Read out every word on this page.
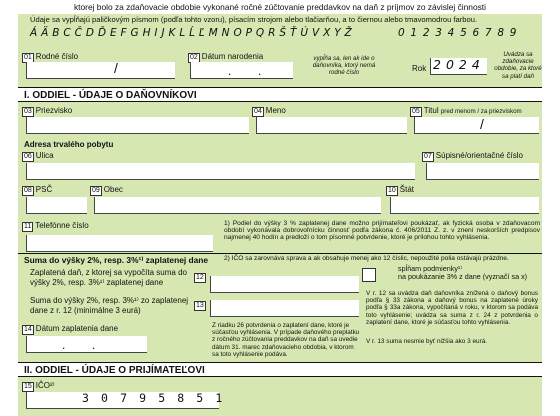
ktorej bolo za zdaňovacie obdobie vykonané ročné zúčtovanie preddavkov na daň z príjmov zo závislej činnosti
Údaje sa vypĺňajú paličkovým písmom (podľa tohto vzoru), písacím strojom alebo tlačiarňou, a to čiernou alebo tmavomodrou farbou.
Á Ä B C Č D Ď E F G H I J K L Ĺ Ľ M N O P Q R Š Ť Ú V X Y Ž	0 1 2 3 4 5 6 7 8 9
01 Rodné číslo
/
02 Dátum narodenia
. .
vypĺňa sa, len ak ide o daňovníka, ktorý nemá rodné číslo	Rok 2024
Uvádza sa zdaňovacie obdobie, za ktoré sa platí daň
I. ODDIEL - ÚDAJE O DAŇOVNÍKOVI
03 Priezvisko	04 Meno	05 Titul pred menom / za priezviskom
/
Adresa trvalého pobytu
06 Ulica	07 Súpisné/orientačné číslo
08 PSČ	09 Obec	10 Štát
11 Telefónne číslo	1) Podiel do výšky 3 % zaplatenej dane možno prijímateľovi poukázať, ak fyzická osoba v zdaňovacom období vykonávala dobrovoľnícku činnosť podľa zákona č. 406/2011 Z. z. v znení neskorších predpisov najmenej 40 hodín a predloží o tom písomné potvrdenie, ktoré je prílohou tohto vyhlásenia.
2) IČO sa zarovnáva sprava a ak obsahuje menej ako 12 číslic, nepoužité polia ostávajú prázdne.
Suma do výšky 2%, resp. 3%¹⁾ zaplatenej dane
Zaplatená daň, z ktorej sa vypočíta suma do výšky 2%, resp. 3%¹⁾ zaplatenej dane	12
spĺňam podmienky¹⁾
na poukázanie 3% z dane (vyznačí sa x)
Suma do výšky 2%, resp. 3%¹⁾ zo zaplatenej dane z r. 12 (minimálne 3 eurá)	13
V r. 12 sa uvádza daň daňovníka znížená o daňový bonus podľa § 33 zákona a daňový bonus na zaplatené úroky podľa § 33a zákona, vypočítaná v roku, v ktorom sa podáva toto vyhlásenie; uvádza sa suma z r. 24 z potvrdenia o zaplatení dane, ktoré je súčasťou tohto vyhlásenia.
V r. 13 suma nesmie byť nižšia ako 3 eurá.
14 Dátum zaplatenia dane
. .
Z riadku 26 potvrdenia o zaplatení dane, ktoré je súčasťou vyhlásenia. V prípade daňového preplatku z ročného zúčtovania preddavkov na daň sa uvedie dátum 31. marec zdaňovacieho obdobia, v ktorom sa toto vyhlásenie podáva.
II. ODDIEL - ÚDAJE O PRIJÍMATEĽOVI
15 IČO²⁾
3 0 7 9 5 8 5 1
